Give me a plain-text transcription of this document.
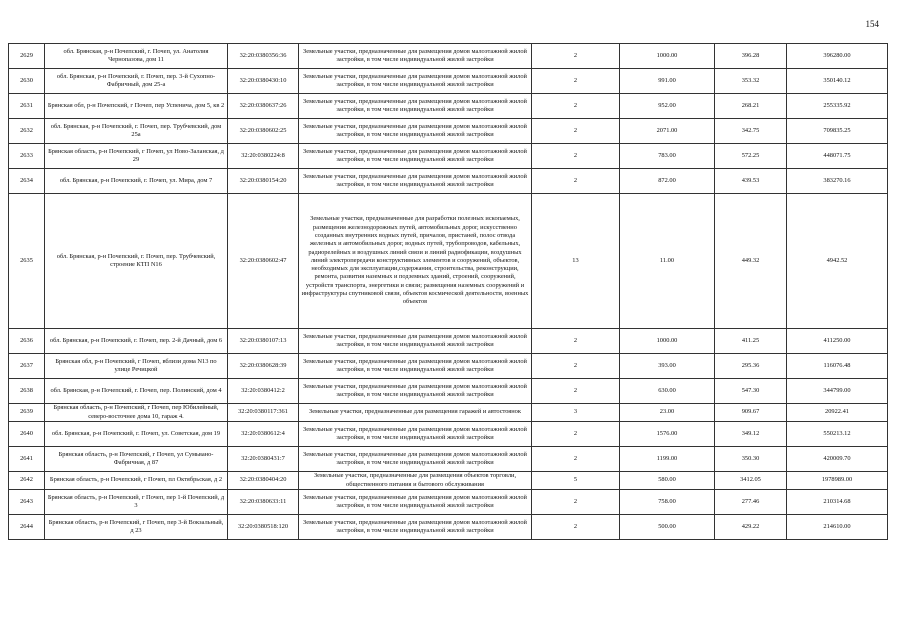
154
2629	обл. Брянская, р-н Почепский, г. Почеп, ул. Анатолия Чернопазова, дом 11	32:20:0380356:36	Земельные участки, предназначенные для размещения домов малоэтажной жилой застройки, в том числе индивидуальной жилой застройки	2	1000.00	396.28	396280.00
2630	обл. Брянская, р-н Почепский, г. Почеп, пер. 3-й Сухопно-Фабричный, дом 25-а	32:20:0380430:10	Земельные участки, предназначенные для размещения домов малоэтажной жилой застройки, в том числе индивидуальной жилой застройки	2	991.00	353.32	350140.12
2631	Брянская обл, р-н Почепский, г Почеп, пер Успенича, дом 5, кв 2	32:20:0380637:26	Земельные участки, предназначенные для размещения домов малоэтажной жилой застройки, в том числе индивидуальной жилой застройки	2	952.00	268.21	255335.92
2632	обл. Брянская, р-н Почепский, г. Почеп, пер. Трубчевский, дом 25а	32:20:0380602:25	Земельные участки, предназначенные для размещения домов малоэтажной жилой застройки, в том числе индивидуальной жилой застройки	2	2071.00	342.75	709835.25
2633	Брянская область, р-н Почепский, г Почеп, ул Ново-Заланская, д 29	32:20:0380224:8	Земельные участки, предназначенные для размещения домов малоэтажной жилой застройки, в том числе индивидуальной жилой застройки	2	783.00	572.25	448071.75
2634	обл. Брянская, р-н Почепский, г. Почеп, ул. Мира, дом 7	32:20:0380154:20	Земельные участки, предназначенные для размещения домов малоэтажной жилой застройки, в том числе индивидуальной жилой застройки	2	872.00	439.53	383270.16
2635	обл. Брянская, р-н Почепский, г. Почеп, пер. Трубчевский, строение КТП N16	32:20:0380602:47	Земельные участки, предназначенные для разработки полезных ископаемых, размещения железнодорожных путей, автомобильных дорог, искусственно созданных внутренних водных путей, причалов, пристаней, полос отвода железных и автомобильных дорог, водных путей, трубопроводов, кабельных, радиорелейных и воздушных линий связи и линий радиофикации, воздушных линий электропередачи конструктивных элементов и сооружений, объектов, необходимых для эксплуатации,содержания, строительства, реконструкции, ремонта, развития наземных и подземных зданий, строений, сооружений, устройств транспорта, энергетики и связи; размещения наземных сооружений и инфраструктуры спутниковой связи, объектов космической деятельности, военных объектов	13	11.00	449.32	4942.52
2636	обл. Брянская, р-н Почепский, г. Почеп, пер. 2-й Дачный, дом 6	32:20:0380107:13	Земельные участки, предназначенные для размещения домов малоэтажной жилой застройки, в том числе индивидуальной жилой застройки	2	1000.00	411.25	411250.00
2637	Брянская обл, р-н Почепский, г Почеп, вблизи дома N13 по улице Речицкой	32:20:0380628:39	Земельные участки, предназначенные для размещения домов малоэтажной жилой застройки, в том числе индивидуальной жилой застройки	2	393.00	295.36	116076.48
2638	обл. Брянская, р-н Почепский, г. Почеп, пер. Полинский, дом 4	32:20:0380412:2	Земельные участки, предназначенные для размещения домов малоэтажной жилой застройки, в том числе индивидуальной жилой застройки	2	630.00	547.30	344799.00
2639	Брянская область, р-н Почепский, г Почеп, пер Юбилейный, северо-восточнее дома 10, гараж 4.	32:20:0380117:361	Земельные участки, предназначенные для размещения гаражей и автостоянок	3	23.00	909.67	20922.41
2640	обл. Брянская, р-н Почепский, г. Почеп, ул. Советская, дом 19	32:20:0380612:4	Земельные участки, предназначенные для размещения домов малоэтажной жилой застройки, в том числе индивидуальной жилой застройки	2	1576.00	349.12	550213.12
2641	Брянская область, р-н Почепский, г Почеп, ул Сумьвано-Фабричная, д 87	32:20:0380431:7	Земельные участки, предназначенные для размещения домов малоэтажной жилой застройки, в том числе индивидуальной жилой застройки	2	1199.00	350.30	420009.70
2642	Брянская область, р-н Почепский, г Почеп, пл Октябрьская, д 2	32:20:0380404:20	Земельные участки, предназначенные для размещения объектов торговли, общественного питания и бытового обслуживания	5	580.00	3412.05	1978989.00
2643	Брянская область, р-н Почепский, г Почеп, пер 1-й Почепский, д 3	32:20:0380633:11	Земельные участки, предназначенные для размещения домов малоэтажной жилой застройки, в том числе индивидуальной жилой застройки	2	758.00	277.46	210314.68
2644	Брянская область, р-н Почепский, г Почеп, пер 3-й Вокзальный, д 23	32:20:0380518:120	Земельные участки, предназначенные для размещения домов малоэтажной жилой застройки, в том числе индивидуальной жилой застройки	2	500.00	429.22	214610.00
